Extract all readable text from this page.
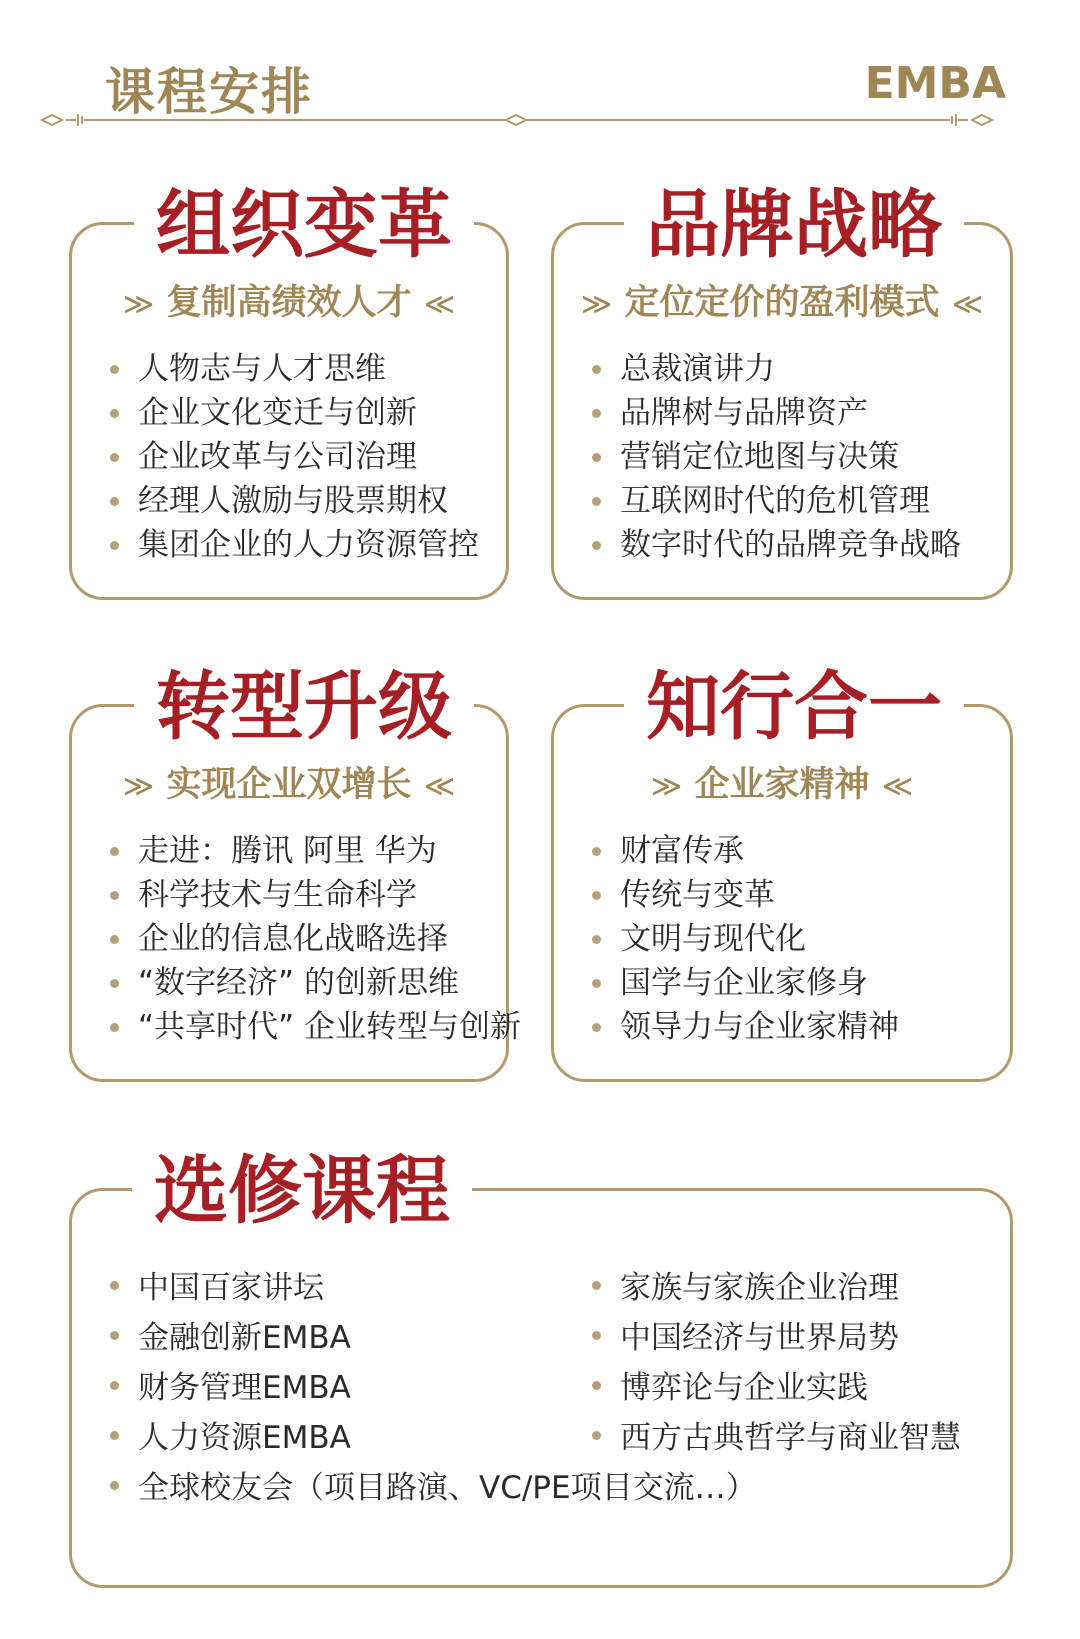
课程安排	EMBA
组织变革
≫ 复制高绩效人才 ≪
人物志与人才思维
企业文化变迁与创新
企业改革与公司治理
经理人激励与股票期权
集团企业的人力资源管控
品牌战略
≫ 定位定价的盈利模式 ≪
总裁演讲力
品牌树与品牌资产
营销定位地图与决策
互联网时代的危机管理
数字时代的品牌竞争战略
转型升级
≫ 实现企业双增长 ≪
走进：腾讯 阿里 华为
科学技术与生命科学
企业的信息化战略选择
“数字经济” 的创新思维
“共享时代” 企业转型与创新
知行合一
≫ 企业家精神 ≪
财富传承
传统与变革
文明与现代化
国学与企业家修身
领导力与企业家精神
选修课程
中国百家讲坛
金融创新EMBA
财务管理EMBA
人力资源EMBA
全球校友会（项目路演、VC/PE项目交流…）
家族与家族企业治理
中国经济与世界局势
博弈论与企业实践
西方古典哲学与商业智慧
